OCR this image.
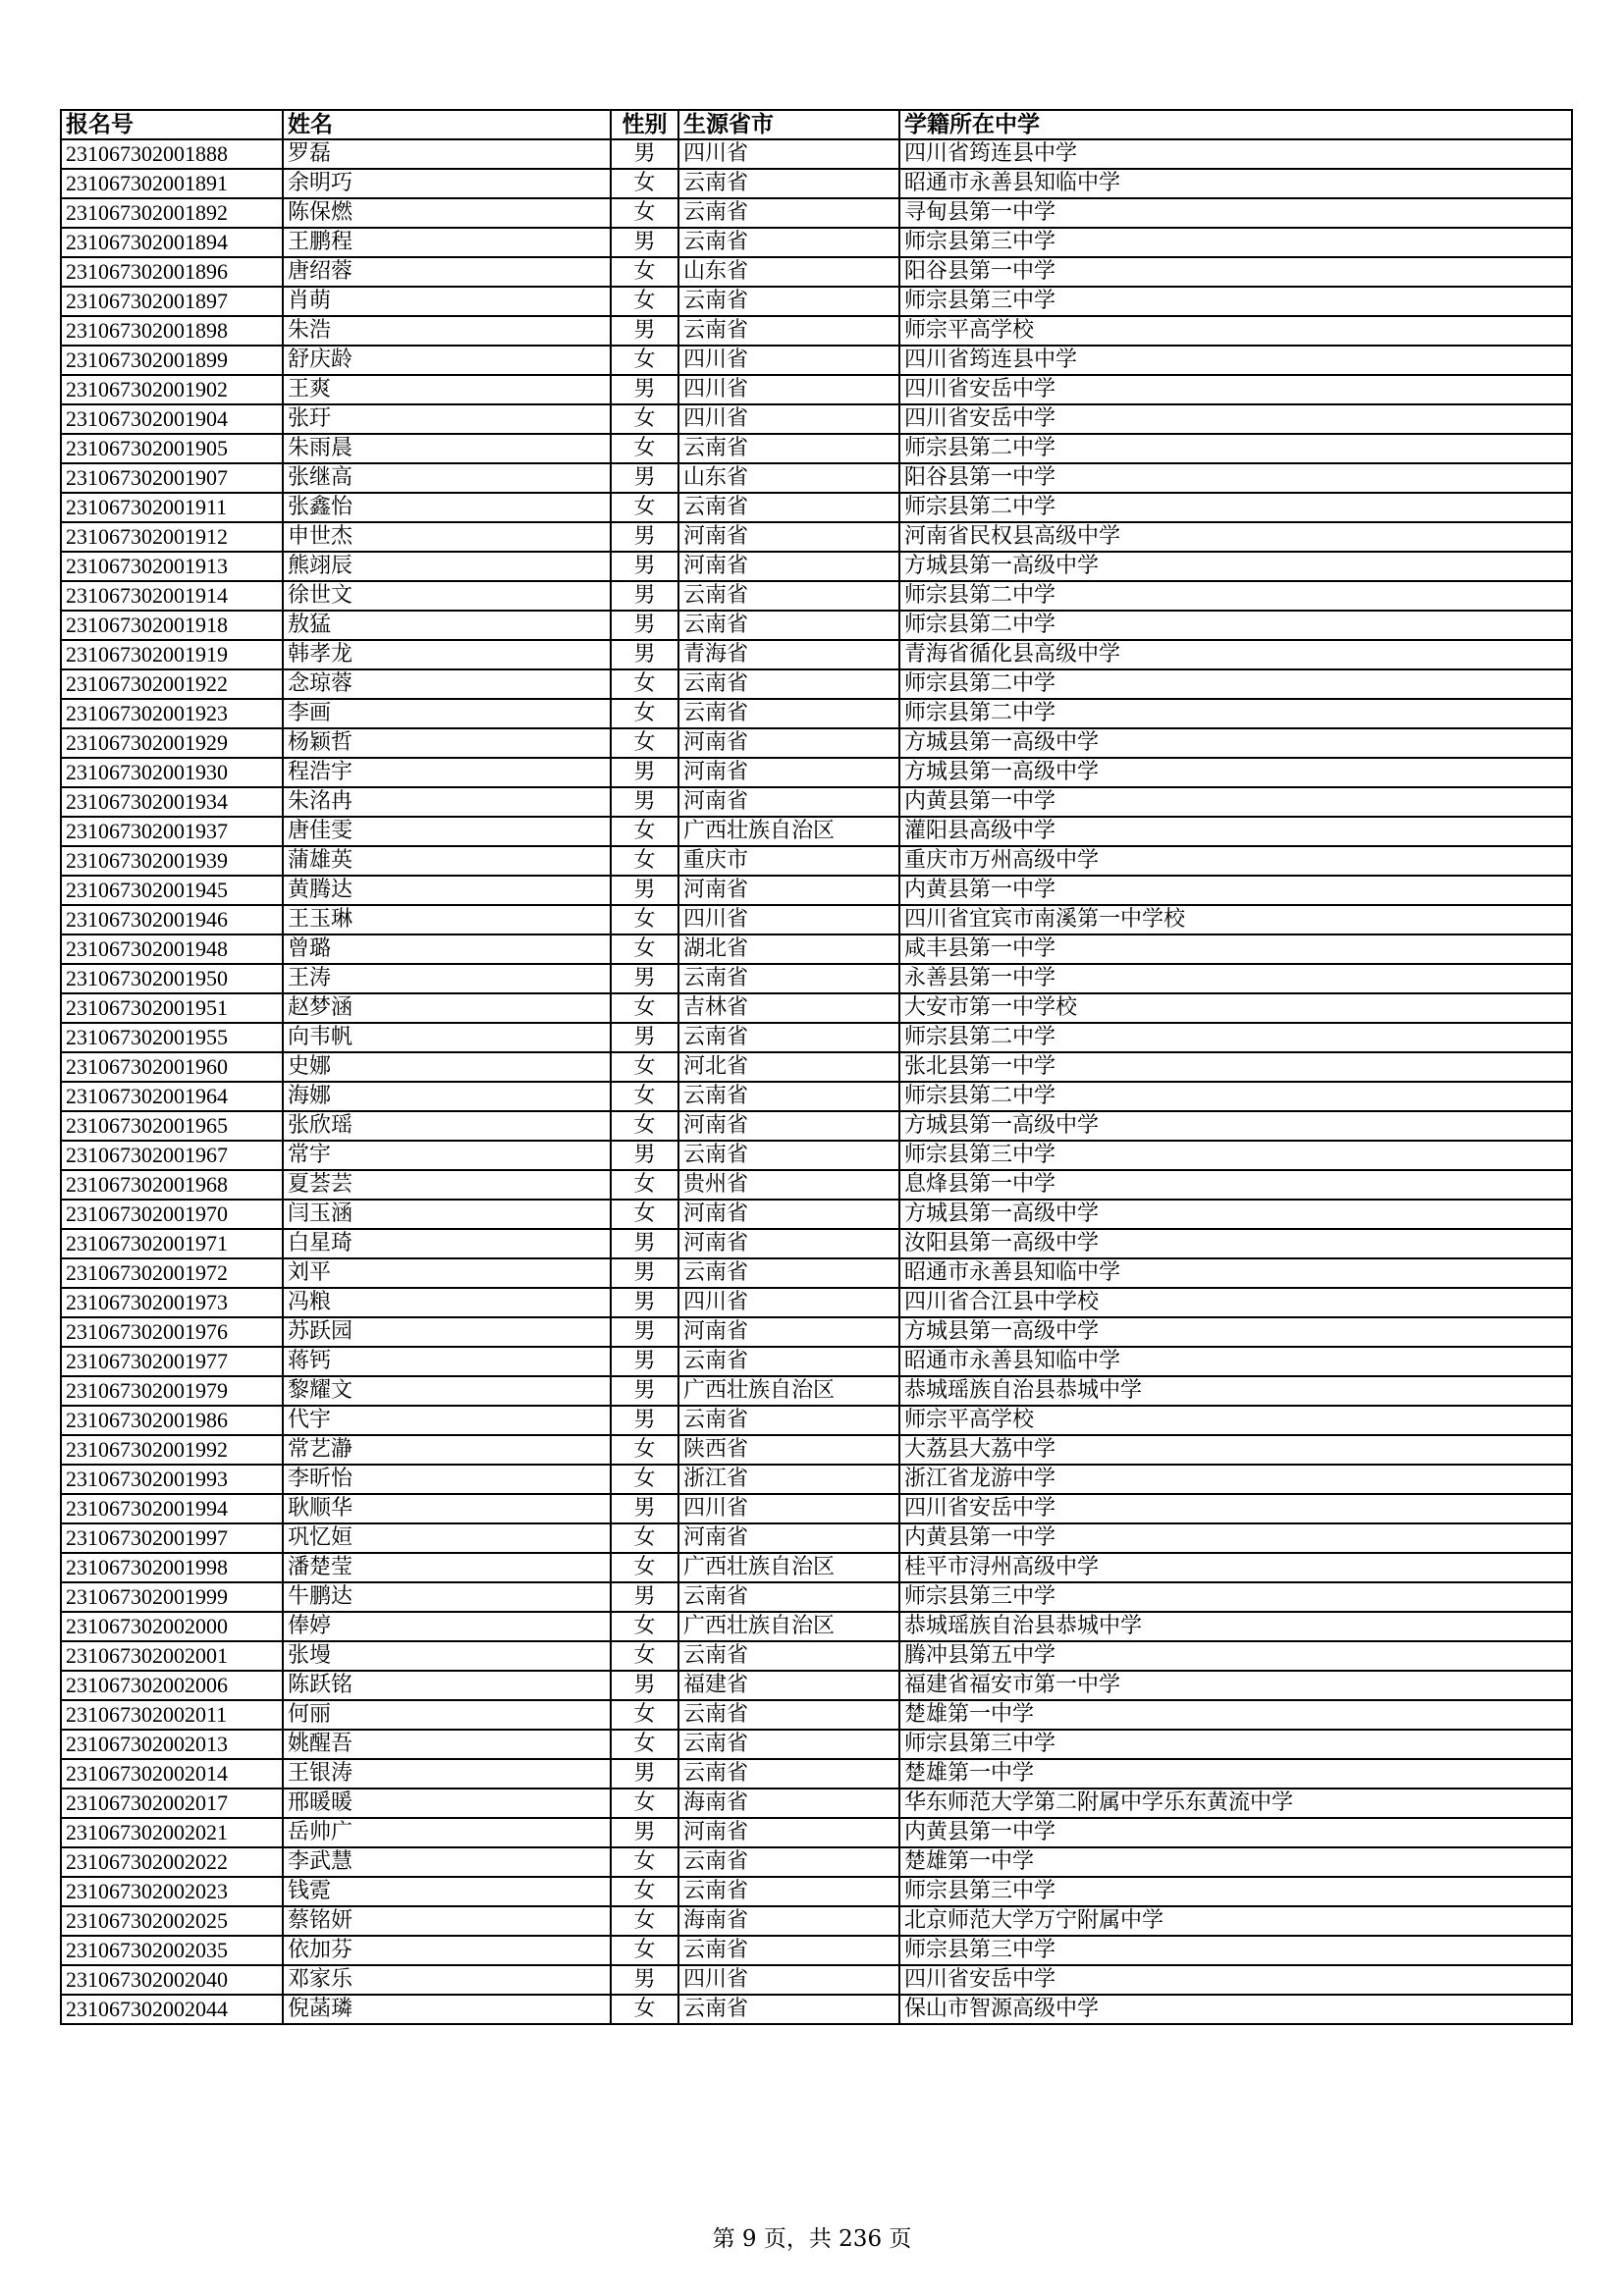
报名号	姓名	性别	生源省市	学籍所在中学
231067302001888	罗磊	男	四川省	四川省筠连县中学
231067302001891	余明巧	女	云南省	昭通市永善县知临中学
231067302001892	陈保燃	女	云南省	寻甸县第一中学
231067302001894	王鹏程	男	云南省	师宗县第三中学
231067302001896	唐绍蓉	女	山东省	阳谷县第一中学
231067302001897	肖萌	女	云南省	师宗县第三中学
231067302001898	朱浩	男	云南省	师宗平高学校
231067302001899	舒庆龄	女	四川省	四川省筠连县中学
231067302001902	王爽	男	四川省	四川省安岳中学
231067302001904	张玗	女	四川省	四川省安岳中学
231067302001905	朱雨晨	女	云南省	师宗县第二中学
231067302001907	张继高	男	山东省	阳谷县第一中学
231067302001911	张鑫怡	女	云南省	师宗县第二中学
231067302001912	申世杰	男	河南省	河南省民权县高级中学
231067302001913	熊翊辰	男	河南省	方城县第一高级中学
231067302001914	徐世文	男	云南省	师宗县第二中学
231067302001918	敖猛	男	云南省	师宗县第二中学
231067302001919	韩孝龙	男	青海省	青海省循化县高级中学
231067302001922	念琼蓉	女	云南省	师宗县第二中学
231067302001923	李画	女	云南省	师宗县第二中学
231067302001929	杨颖哲	女	河南省	方城县第一高级中学
231067302001930	程浩宇	男	河南省	方城县第一高级中学
231067302001934	朱洺冉	男	河南省	内黄县第一中学
231067302001937	唐佳雯	女	广西壮族自治区	灌阳县高级中学
231067302001939	蒲雄英	女	重庆市	重庆市万州高级中学
231067302001945	黄腾达	男	河南省	内黄县第一中学
231067302001946	王玉琳	女	四川省	四川省宜宾市南溪第一中学校
231067302001948	曾璐	女	湖北省	咸丰县第一中学
231067302001950	王涛	男	云南省	永善县第一中学
231067302001951	赵梦涵	女	吉林省	大安市第一中学校
231067302001955	向韦帆	男	云南省	师宗县第二中学
231067302001960	史娜	女	河北省	张北县第一中学
231067302001964	海娜	女	云南省	师宗县第二中学
231067302001965	张欣瑶	女	河南省	方城县第一高级中学
231067302001967	常宇	男	云南省	师宗县第三中学
231067302001968	夏荟芸	女	贵州省	息烽县第一中学
231067302001970	闫玉涵	女	河南省	方城县第一高级中学
231067302001971	白星琦	男	河南省	汝阳县第一高级中学
231067302001972	刘平	男	云南省	昭通市永善县知临中学
231067302001973	冯粮	男	四川省	四川省合江县中学校
231067302001976	苏跃园	男	河南省	方城县第一高级中学
231067302001977	蒋钙	男	云南省	昭通市永善县知临中学
231067302001979	黎耀文	男	广西壮族自治区	恭城瑶族自治县恭城中学
231067302001986	代宇	男	云南省	师宗平高学校
231067302001992	常艺瀞	女	陕西省	大荔县大荔中学
231067302001993	李昕怡	女	浙江省	浙江省龙游中学
231067302001994	耿顺华	男	四川省	四川省安岳中学
231067302001997	巩忆姮	女	河南省	内黄县第一中学
231067302001998	潘楚莹	女	广西壮族自治区	桂平市浔州高级中学
231067302001999	牛鹏达	男	云南省	师宗县第三中学
231067302002000	俸婷	女	广西壮族自治区	恭城瑶族自治县恭城中学
231067302002001	张墁	女	云南省	腾冲县第五中学
231067302002006	陈跃铭	男	福建省	福建省福安市第一中学
231067302002011	何丽	女	云南省	楚雄第一中学
231067302002013	姚醒吾	女	云南省	师宗县第三中学
231067302002014	王银涛	男	云南省	楚雄第一中学
231067302002017	邢暖暖	女	海南省	华东师范大学第二附属中学乐东黄流中学
231067302002021	岳帅广	男	河南省	内黄县第一中学
231067302002022	李武慧	女	云南省	楚雄第一中学
231067302002023	钱霓	女	云南省	师宗县第三中学
231067302002025	蔡铭妍	女	海南省	北京师范大学万宁附属中学
231067302002035	依加芬	女	云南省	师宗县第三中学
231067302002040	邓家乐	男	四川省	四川省安岳中学
231067302002044	倪菡璘	女	云南省	保山市智源高级中学
第 9 页，共 236 页
